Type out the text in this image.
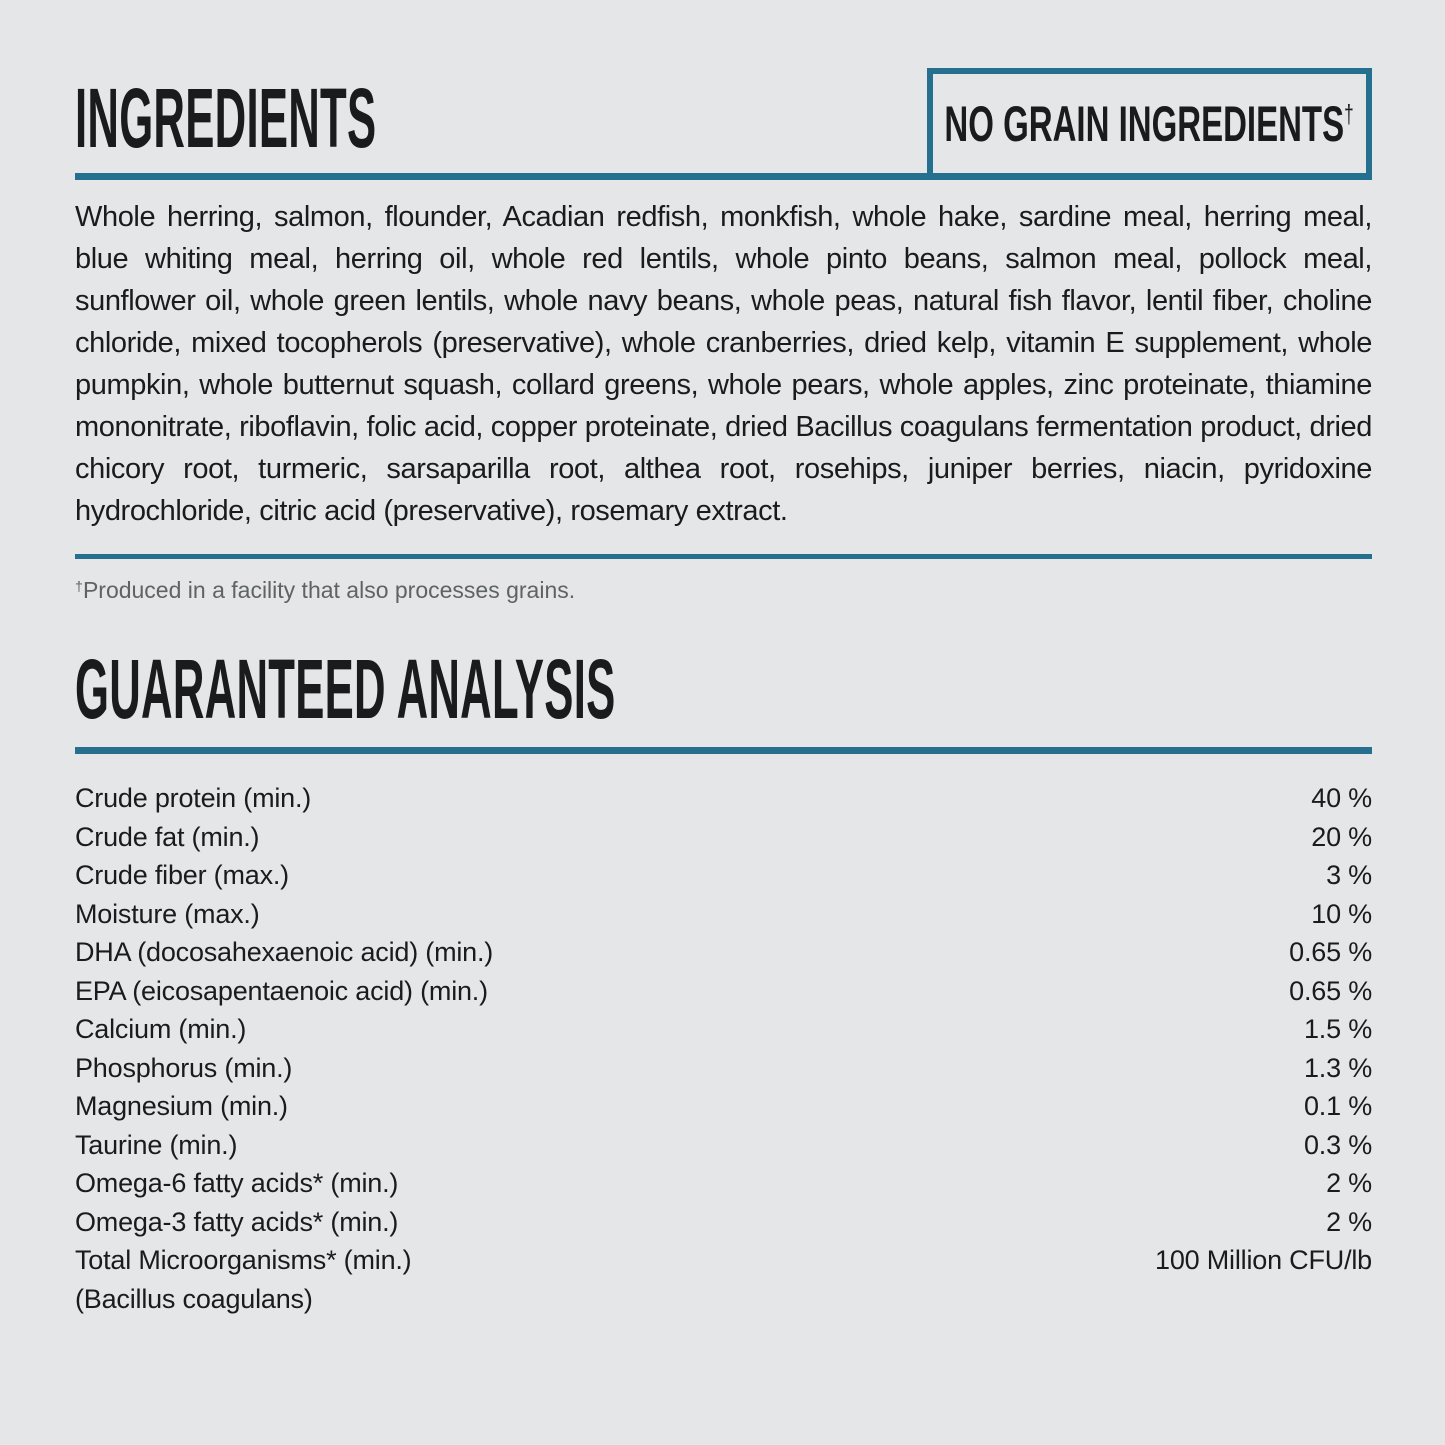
INGREDIENTS	NO GRAIN INGREDIENTS†

Whole herring, salmon, flounder, Acadian redfish, monkfish, whole hake, sardine meal, herring meal, blue whiting meal, herring oil, whole red lentils, whole pinto beans, salmon meal, pollock meal, sunflower oil, whole green lentils, whole navy beans, whole peas, natural fish flavor, lentil fiber, choline chloride, mixed tocopherols (preservative), whole cranberries, dried kelp, vitamin E supplement, whole pumpkin, whole butternut squash, collard greens, whole pears, whole apples, zinc proteinate, thiamine mononitrate, riboflavin, folic acid, copper proteinate, dried Bacillus coagulans fermentation product, dried chicory root, turmeric, sarsaparilla root, althea root, rosehips, juniper berries, niacin, pyridoxine hydrochloride, citric acid (preservative), rosemary extract.

†Produced in a facility that also processes grains.

GUARANTEED ANALYSIS
Crude protein (min.)	40 %
Crude fat (min.)	20 %
Crude fiber (max.)	3 %
Moisture (max.)	10 %
DHA (docosahexaenoic acid) (min.)	0.65 %
EPA (eicosapentaenoic acid) (min.)	0.65 %
Calcium (min.)	1.5 %
Phosphorus (min.)	1.3 %
Magnesium (min.)	0.1 %
Taurine (min.)	0.3 %
Omega-6 fatty acids* (min.)	2 %
Omega-3 fatty acids* (min.)	2 %
Total Microorganisms* (min.)	100 Million CFU/lb
(Bacillus coagulans)
